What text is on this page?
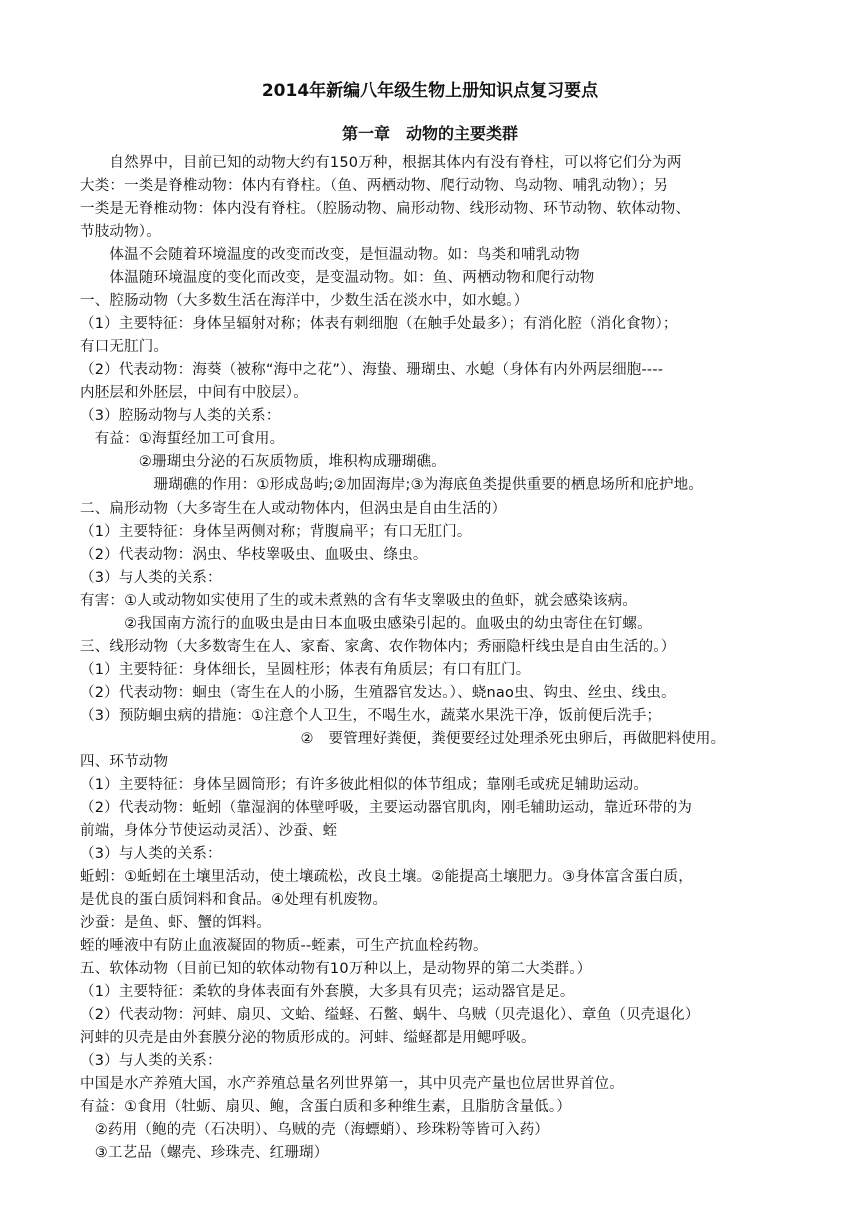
2014年新编八年级生物上册知识点复习要点
第一章　动物的主要类群
　　自然界中，目前已知的动物大约有150万种，根据其体内有没有脊柱，可以将它们分为两
大类：一类是脊椎动物：体内有脊柱。（鱼、两栖动物、爬行动物、鸟动物、哺乳动物）；另
一类是无脊椎动物：体内没有脊柱。（腔肠动物、扁形动物、线形动物、环节动物、软体动物、
节肢动物）。
　　体温不会随着环境温度的改变而改变，是恒温动物。如：鸟类和哺乳动物
　　体温随环境温度的变化而改变，是变温动物。如：鱼、两栖动物和爬行动物
一、腔肠动物（大多数生活在海洋中，少数生活在淡水中，如水螅。）
（1）主要特征：身体呈辐射对称；体表有刺细胞（在触手处最多）；有消化腔（消化食物）；
有口无肛门。
（2）代表动物：海葵（被称“海中之花”）、海蛰、珊瑚虫、水螅（身体有内外两层细胞----
内胚层和外胚层，中间有中胶层）。
（3）腔肠动物与人类的关系：
　有益：①海蜇经加工可食用。
　　　　②珊瑚虫分泌的石灰质物质，堆积构成珊瑚礁。
　　　　　珊瑚礁的作用：①形成岛屿;②加固海岸;③为海底鱼类提供重要的栖息场所和庇护地。
二、扁形动物（大多寄生在人或动物体内，但涡虫是自由生活的）
（1）主要特征：身体呈两侧对称；背腹扁平；有口无肛门。
（2）代表动物：涡虫、华枝睾吸虫、血吸虫、绦虫。
（3）与人类的关系：
有害：①人或动物如实使用了生的或未煮熟的含有华支睾吸虫的鱼虾，就会感染该病。
　　　②我国南方流行的血吸虫是由日本血吸虫感染引起的。血吸虫的幼虫寄住在钉螺。
三、线形动物（大多数寄生在人、家畜、家禽、农作物体内；秀丽隐杆线虫是自由生活的。）
（1）主要特征：身体细长，呈圆柱形；体表有角质层；有口有肛门。
（2）代表动物：蛔虫（寄生在人的小肠，生殖器官发达。）、蛲nao虫、钩虫、丝虫、线虫。
（3）预防蛔虫病的措施：①注意个人卫生，不喝生水，蔬菜水果洗干净，饭前便后洗手；
　　　　　　　　　　　　　　　②　要管理好粪便，粪便要经过处理杀死虫卵后，再做肥料使用。
四、环节动物
（1）主要特征：身体呈圆筒形；有许多彼此相似的体节组成；靠刚毛或疣足辅助运动。
（2）代表动物：蚯蚓（靠湿润的体壁呼吸，主要运动器官肌肉，刚毛辅助运动，靠近环带的为
前端，身体分节使运动灵活）、沙蚕、蛭
（3）与人类的关系：
蚯蚓：①蚯蚓在土壤里活动，使土壤疏松，改良土壤。②能提高土壤肥力。③身体富含蛋白质，
是优良的蛋白质饲料和食品。④处理有机废物。
沙蚕：是鱼、虾、蟹的饵料。
蛭的唾液中有防止血液凝固的物质--蛭素，可生产抗血栓药物。
五、软体动物（目前已知的软体动物有10万种以上，是动物界的第二大类群。）
（1）主要特征：柔软的身体表面有外套膜，大多具有贝壳；运动器官是足。
（2）代表动物：河蚌、扇贝、文蛤、缢蛏、石鳖、蜗牛、乌贼（贝壳退化）、章鱼（贝壳退化）
河蚌的贝壳是由外套膜分泌的物质形成的。河蚌、缢蛏都是用鳃呼吸。
（3）与人类的关系：
中国是水产养殖大国，水产养殖总量名列世界第一，其中贝壳产量也位居世界首位。
有益：①食用（牡蛎、扇贝、鲍，含蛋白质和多种维生素，且脂肪含量低。）
　②药用（鲍的壳（石决明）、乌贼的壳（海螵蛸）、珍珠粉等皆可入药）
　③工艺品（螺壳、珍珠壳、红珊瑚）
